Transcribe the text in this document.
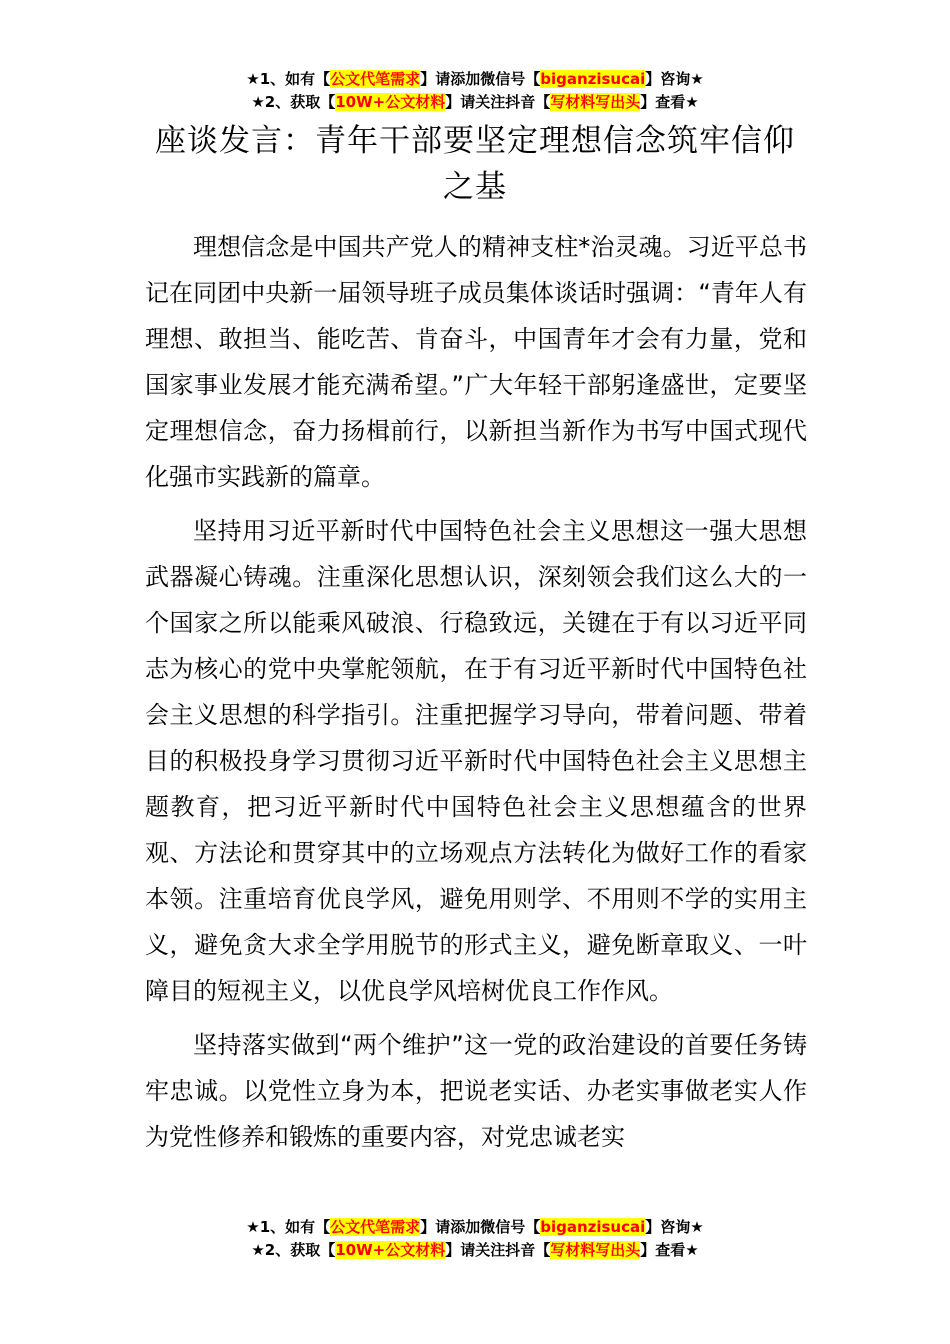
★1、如有【公文代笔需求】请添加微信号【biganzisucai】咨询★
★2、获取【10W+公文材料】请关注抖音【写材料写出头】查看★
座谈发言：青年干部要坚定理想信念筑牢信仰之基

理想信念是中国共产党人的精神支柱*治灵魂。习近平总书记在同团中央新一届领导班子成员集体谈话时强调：“青年人有理想、敢担当、能吃苦、肯奋斗，中国青年才会有力量，党和国家事业发展才能充满希望。”广大年轻干部躬逢盛世，定要坚定理想信念，奋力扬楫前行，以新担当新作为书写中国式现代化强市实践新的篇章。

坚持用习近平新时代中国特色社会主义思想这一强大思想武器凝心铸魂。注重深化思想认识，深刻领会我们这么大的一个国家之所以能乘风破浪、行稳致远，关键在于有以习近平同志为核心的党中央掌舵领航，在于有习近平新时代中国特色社会主义思想的科学指引。注重把握学习导向，带着问题、带着目的积极投身学习贯彻习近平新时代中国特色社会主义思想主题教育，把习近平新时代中国特色社会主义思想蕴含的世界观、方法论和贯穿其中的立场观点方法转化为做好工作的看家本领。注重培育优良学风，避免用则学、不用则不学的实用主义，避免贪大求全学用脱节的形式主义，避免断章取义、一叶障目的短视主义，以优良学风培树优良工作作风。

坚持落实做到“两个维护”这一党的政治建设的首要任务铸牢忠诚。以党性立身为本，把说老实话、办老实事做老实人作为党性修养和锻炼的重要内容，对党忠诚老实

★1、如有【公文代笔需求】请添加微信号【biganzisucai】咨询★
★2、获取【10W+公文材料】请关注抖音【写材料写出头】查看★
